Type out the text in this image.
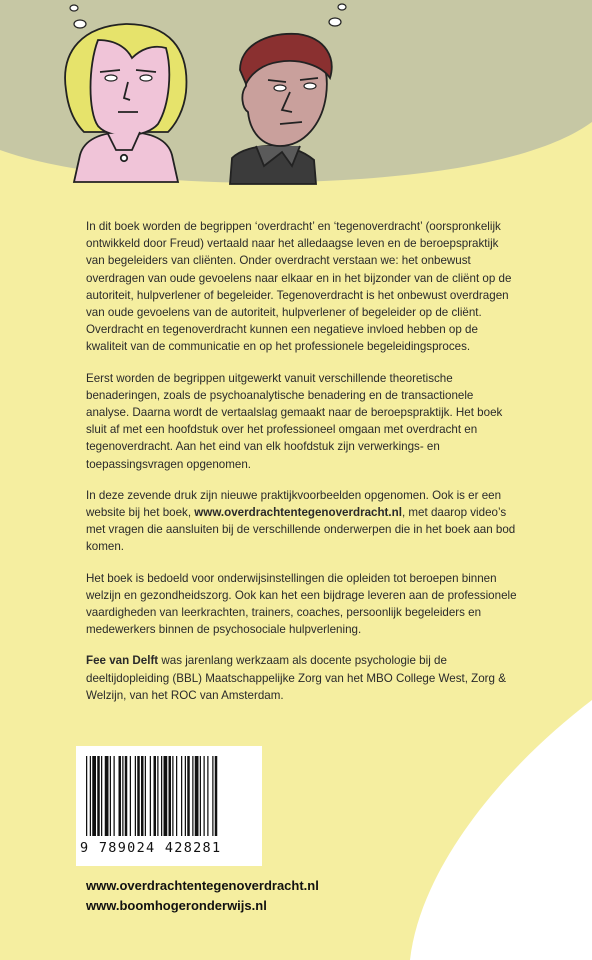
In dit boek worden de begrippen ‘overdracht’ en ‘tegenoverdracht’ (oorspronkelijk ontwikkeld door Freud) vertaald naar het alledaagse leven en de beroepspraktijk van begeleiders van cliënten. Onder overdracht verstaan we: het onbewust overdragen van oude gevoelens naar elkaar en in het bijzonder van de cliënt op de autoriteit, hulpverlener of begeleider. Tegenoverdracht is het onbewust overdragen van oude gevoelens van de autoriteit, hulpverlener of begeleider op de cliënt. Overdracht en tegenoverdracht kunnen een negatieve invloed hebben op de kwaliteit van de communicatie en op het professionele begeleidingsproces.

Eerst worden de begrippen uitgewerkt vanuit verschillende theoretische benaderingen, zoals de psychoanalytische benadering en de transactionele analyse. Daarna wordt de vertaalslag gemaakt naar de beroepspraktijk. Het boek sluit af met een hoofdstuk over het professioneel omgaan met overdracht en tegenoverdracht. Aan het eind van elk hoofdstuk zijn verwerkings- en toepassingsvragen opgenomen.

In deze zevende druk zijn nieuwe praktijkvoorbeelden opgenomen. Ook is er een website bij het boek, www.overdrachtentegenoverdracht.nl, met daarop video’s met vragen die aansluiten bij de verschillende onderwerpen die in het boek aan bod komen.

Het boek is bedoeld voor onderwijsinstellingen die opleiden tot beroepen binnen welzijn en gezondheidszorg. Ook kan het een bijdrage leveren aan de professionele vaardigheden van leerkrachten, trainers, coaches, persoonlijk begeleiders en medewerkers binnen de psychosociale hulpverlening.

Fee van Delft was jarenlang werkzaam als docente psychologie bij de deeltijdopleiding (BBL) Maatschappelijke Zorg van het MBO College West, Zorg & Welzijn, van het ROC van Amsterdam.

9 789024 428281
www.overdrachtentegenoverdracht.nl
www.boomhogeronderwijs.nl
